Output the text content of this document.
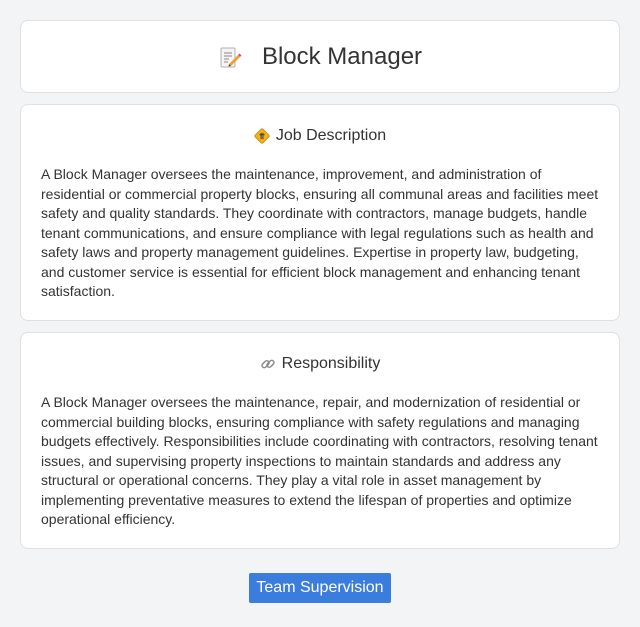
Block Manager
Job Description

A Block Manager oversees the maintenance, improvement, and administration of residential or commercial property blocks, ensuring all communal areas and facilities meet safety and quality standards. They coordinate with contractors, manage budgets, handle tenant communications, and ensure compliance with legal regulations such as health and safety laws and property management guidelines. Expertise in property law, budgeting, and customer service is essential for efficient block management and enhancing tenant satisfaction.

Responsibility

A Block Manager oversees the maintenance, repair, and modernization of residential or commercial building blocks, ensuring compliance with safety regulations and managing budgets effectively. Responsibilities include coordinating with contractors, resolving tenant issues, and supervising property inspections to maintain standards and address any structural or operational concerns. They play a vital role in asset management by implementing preventative measures to extend the lifespan of properties and optimize operational efficiency.

Team Supervision
